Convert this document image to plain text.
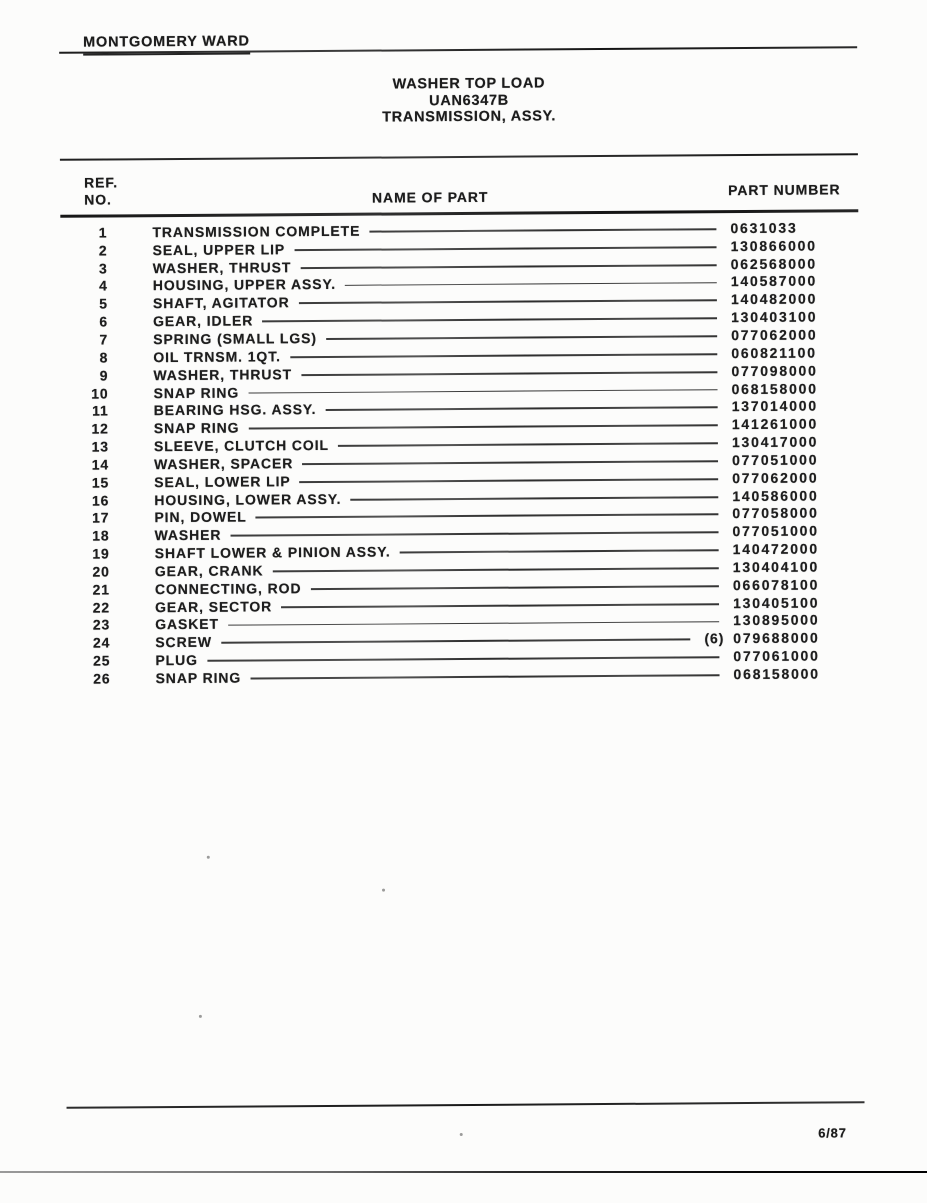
MONTGOMERY WARD
WASHER TOP LOAD
UAN6347B
TRANSMISSION, ASSY.
REF.
NO.	NAME OF PART	PART NUMBER
1	TRANSMISSION COMPLETE	0631033
2	SEAL, UPPER LIP	130866000
3	WASHER, THRUST	062568000
4	HOUSING, UPPER ASSY.	140587000
5	SHAFT, AGITATOR	140482000
6	GEAR, IDLER	130403100
7	SPRING (SMALL LGS)	077062000
8	OIL TRNSM. 1QT.	060821100
9	WASHER, THRUST	077098000
10	SNAP RING	068158000
11	BEARING HSG. ASSY.	137014000
12	SNAP RING	141261000
13	SLEEVE, CLUTCH COIL	130417000
14	WASHER, SPACER	077051000
15	SEAL, LOWER LIP	077062000
16	HOUSING, LOWER ASSY.	140586000
17	PIN, DOWEL	077058000
18	WASHER	077051000
19	SHAFT LOWER & PINION ASSY.	140472000
20	GEAR, CRANK	130404100
21	CONNECTING, ROD	066078100
22	GEAR, SECTOR	130405100
23	GASKET	130895000
24	SCREW	(6) 079688000
25	PLUG	077061000
26	SNAP RING	068158000
6/87
